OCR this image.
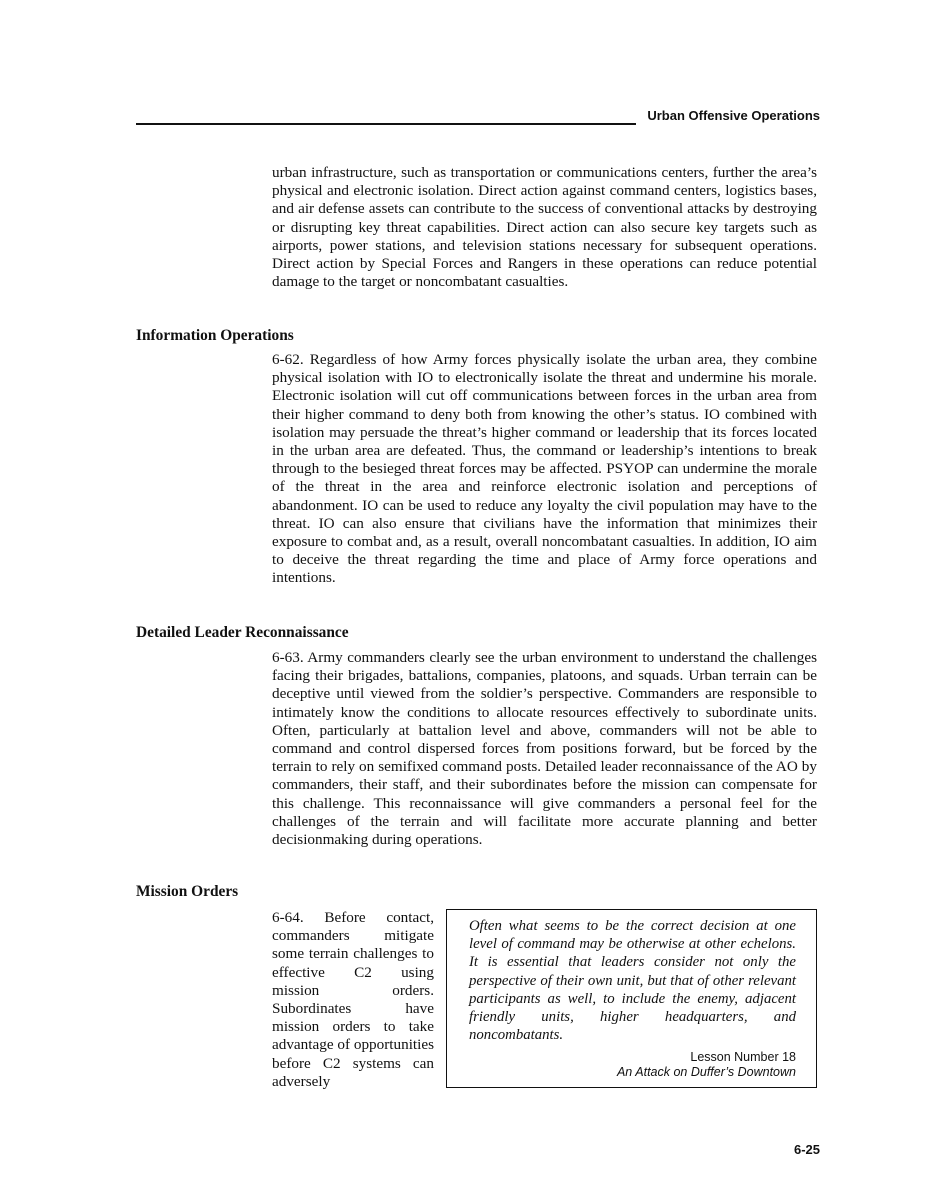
Urban Offensive Operations

urban infrastructure, such as transportation or communications centers, further the area’s physical and electronic isolation. Direct action against command centers, logistics bases, and air defense assets can contribute to the success of conventional attacks by destroying or disrupting key threat capabilities. Direct action can also secure key targets such as airports, power stations, and television stations necessary for subsequent operations. Direct action by Special Forces and Rangers in these operations can reduce potential damage to the target or noncombatant casualties.

Information Operations

6-62. Regardless of how Army forces physically isolate the urban area, they combine physical isolation with IO to electronically isolate the threat and undermine his morale. Electronic isolation will cut off communications between forces in the urban area from their higher command to deny both from knowing the other’s status. IO combined with isolation may persuade the threat’s higher command or leadership that its forces located in the urban area are defeated. Thus, the command or leadership’s intentions to break through to the besieged threat forces may be affected. PSYOP can undermine the morale of the threat in the area and reinforce electronic isolation and perceptions of abandonment. IO can be used to reduce any loyalty the civil population may have to the threat. IO can also ensure that civilians have the information that minimizes their exposure to combat and, as a result, overall noncombatant casualties. In addition, IO aim to deceive the threat regarding the time and place of Army force operations and intentions.

Detailed Leader Reconnaissance

6-63. Army commanders clearly see the urban environment to understand the challenges facing their brigades, battalions, companies, platoons, and squads. Urban terrain can be deceptive until viewed from the soldier’s perspective. Commanders are responsible to intimately know the conditions to allocate resources effectively to subordinate units. Often, particularly at battalion level and above, commanders will not be able to command and control dispersed forces from positions forward, but be forced by the terrain to rely on semifixed command posts. Detailed leader reconnaissance of the AO by commanders, their staff, and their subordinates before the mission can compensate for this challenge. This reconnaissance will give commanders a personal feel for the challenges of the terrain and will facilitate more accurate planning and better decisionmaking during operations.

Mission Orders

6-64. Before contact, commanders mitigate some terrain challenges to effective C2 using mission orders. Subordinates have mission orders to take advantage of opportunities before C2 systems can adversely

Often what seems to be the correct decision at one level of command may be otherwise at other echelons. It is essential that leaders consider not only the perspective of their own unit, but that of other relevant participants as well, to include the enemy, adjacent friendly units, higher headquarters, and noncombatants.

Lesson Number 18
An Attack on Duffer’s Downtown
6-25
